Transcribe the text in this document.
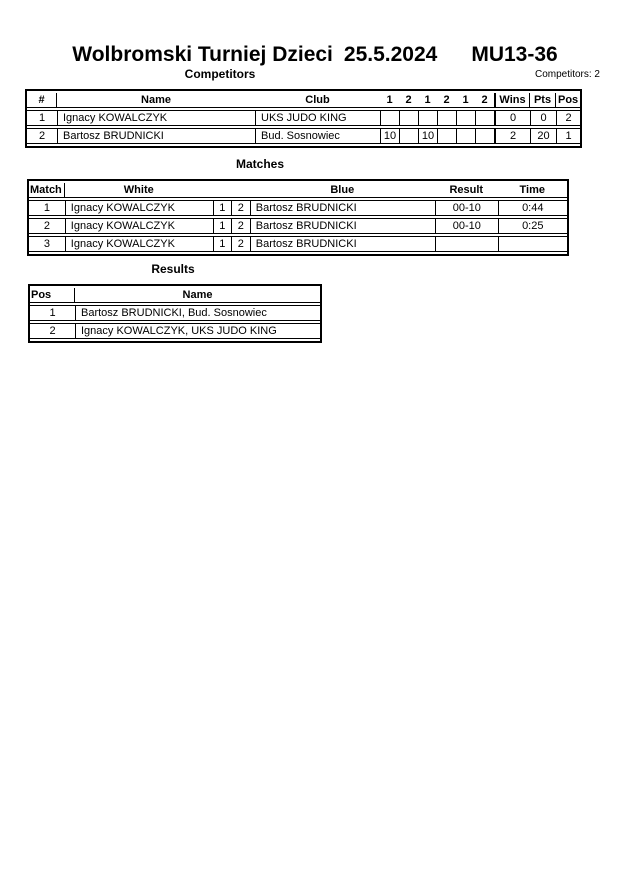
Wolbromski Turniej Dzieci 25.5.2024 MU13-36
Competitors	Competitors: 2
#	Name	Club	1	2	1	2	1	2	Wins	Pts	Pos
1	Ignacy KOWALCZYK	UKS JUDO KING							0	0	2
2	Bartosz BRUDNICKI	Bud. Sosnowiec	10		10				2	20	1
Matches
Match	White			Blue	Result	Time
1	Ignacy KOWALCZYK	1	2	Bartosz BRUDNICKI	00-10	0:44
2	Ignacy KOWALCZYK	1	2	Bartosz BRUDNICKI	00-10	0:25
3	Ignacy KOWALCZYK	1	2	Bartosz BRUDNICKI		
Results
Pos	Name
1	Bartosz BRUDNICKI, Bud. Sosnowiec
2	Ignacy KOWALCZYK, UKS JUDO KING
